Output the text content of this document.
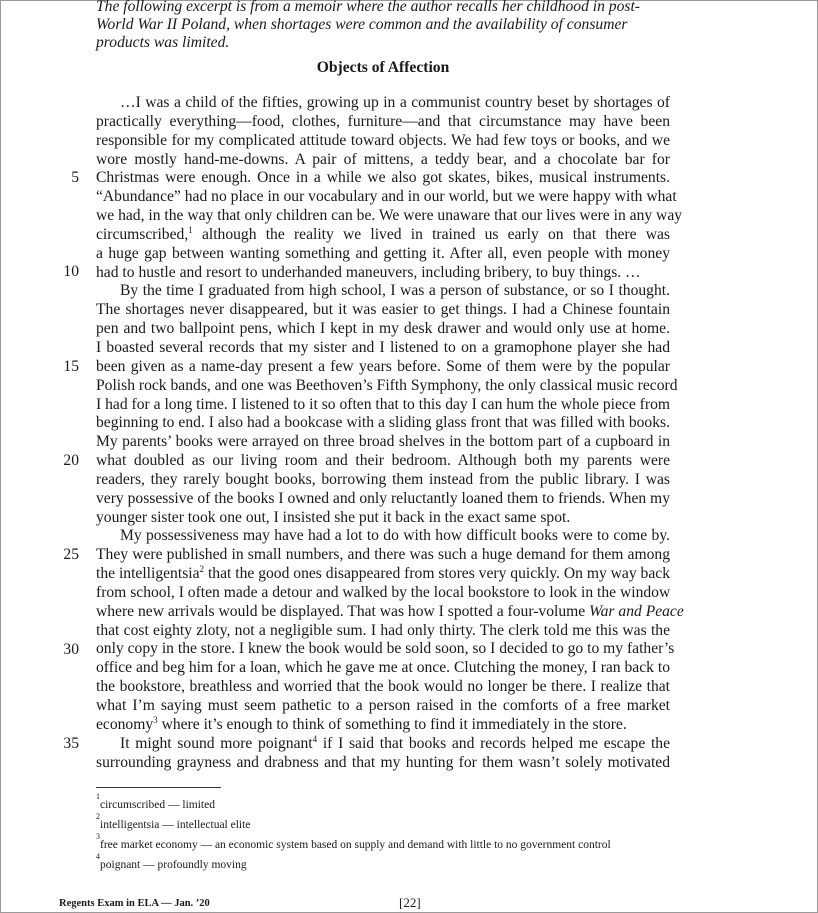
The following excerpt is from a memoir where the author recalls her childhood in post-World War II Poland, when shortages were common and the availability of consumer products was limited.

Objects of Affection

5
10
15
20
25
30
35
…I was a child of the fifties, growing up in a communist country beset by shortages of
practically everything—food, clothes, furniture—and that circumstance may have been
responsible for my complicated attitude toward objects. We had few toys or books, and we
wore mostly hand-me-downs. A pair of mittens, a teddy bear, and a chocolate bar for
Christmas were enough. Once in a while we also got skates, bikes, musical instruments.
“Abundance” had no place in our vocabulary and in our world, but we were happy with what
we had, in the way that only children can be. We were unaware that our lives were in any way
circumscribed,$^1$ although the reality we lived in trained us early on that there was
a huge gap between wanting something and getting it. After all, even people with money
had to hustle and resort to underhanded maneuvers, including bribery, to buy things. …
By the time I graduated from high school, I was a person of substance, or so I thought.
The shortages never disappeared, but it was easier to get things. I had a Chinese fountain
pen and two ballpoint pens, which I kept in my desk drawer and would only use at home.
I boasted several records that my sister and I listened to on a gramophone player she had
been given as a name-day present a few years before. Some of them were by the popular
Polish rock bands, and one was Beethoven’s Fifth Symphony, the only classical music record
I had for a long time. I listened to it so often that to this day I can hum the whole piece from
beginning to end. I also had a bookcase with a sliding glass front that was filled with books.
My parents’ books were arrayed on three broad shelves in the bottom part of a cupboard in
what doubled as our living room and their bedroom. Although both my parents were
readers, they rarely bought books, borrowing them instead from the public library. I was
very possessive of the books I owned and only reluctantly loaned them to friends. When my
younger sister took one out, I insisted she put it back in the exact same spot.
My possessiveness may have had a lot to do with how difficult books were to come by.
They were published in small numbers, and there was such a huge demand for them among
the intelligentsia$^2$ that the good ones disappeared from stores very quickly. On my way back
from school, I often made a detour and walked by the local bookstore to look in the window
where new arrivals would be displayed. That was how I spotted a four-volume War and Peace
that cost eighty zloty, not a negligible sum. I had only thirty. The clerk told me this was the
only copy in the store. I knew the book would be sold soon, so I decided to go to my father’s
office and beg him for a loan, which he gave me at once. Clutching the money, I ran back to
the bookstore, breathless and worried that the book would no longer be there. I realize that
what I’m saying must seem pathetic to a person raised in the comforts of a free market
economy$^3$ where it’s enough to think of something to find it immediately in the store.
It might sound more poignant$^4$ if I said that books and records helped me escape the
surrounding grayness and drabness and that my hunting for them wasn’t solely motivated
$^1$circumscribed — limited
$^2$intelligentsia — intellectual elite
$^3$free market economy — an economic system based on supply and demand with little to no government control
$^4$poignant — profoundly moving
Regents Exam in ELA — Jan. ’20	[22]
